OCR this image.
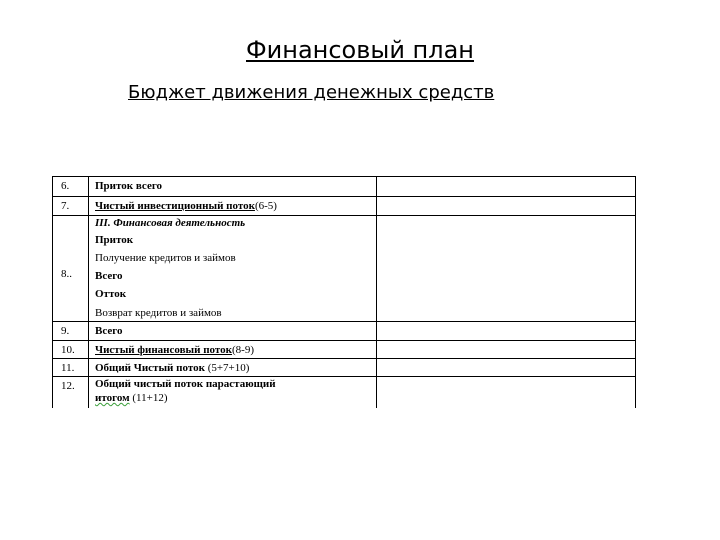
Финансовый план
Бюджет движения денежных средств
6. Приток всего
7. Чистый инвестиционный поток(6-5)
8..
III. Финансовая деятельность
Приток
Получение кредитов и займов
Всего
Отток
Возврат кредитов и займов
9. Всего
10. Чистый финансовый поток(8-9)
11. Общий Чистый поток (5+7+10)
12. Общий чистый поток парастающий
итогом (11+12)
